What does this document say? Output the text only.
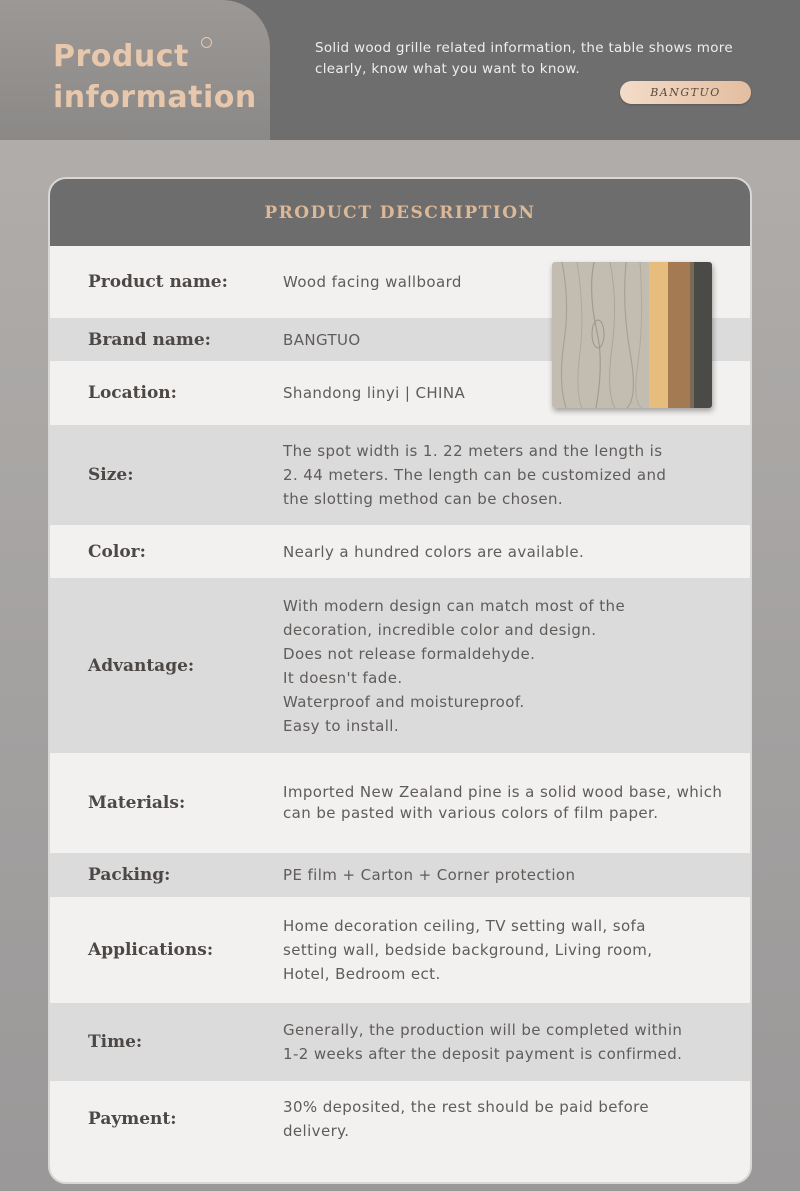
Product
information

Solid wood grille related information, the table shows more clearly, know what you want to know.

BANGTUO
PRODUCT DESCRIPTION
Product name:	Wood facing wallboard
Brand name:	BANGTUO
Location:	Shandong linyi | CHINA
Size:
The spot width is 1. 22 meters and the length is
2. 44 meters. The length can be customized and
the slotting method can be chosen.
Color:	Nearly a hundred colors are available.
Advantage:
With modern design can match most of the
decoration, incredible color and design.
Does not release formaldehyde.
It doesn't fade.
Waterproof and moistureproof.
Easy to install.
Materials:
Imported New Zealand pine is a solid wood base, which can be pasted with various colors of film paper.
Packing:	PE film + Carton + Corner protection
Applications:
Home decoration ceiling, TV setting wall, sofa
setting wall, bedside background, Living room,
Hotel, Bedroom ect.
Time:
Generally, the production will be completed within
1-2 weeks after the deposit payment is confirmed.
Payment:
30% deposited, the rest should be paid before
delivery.
